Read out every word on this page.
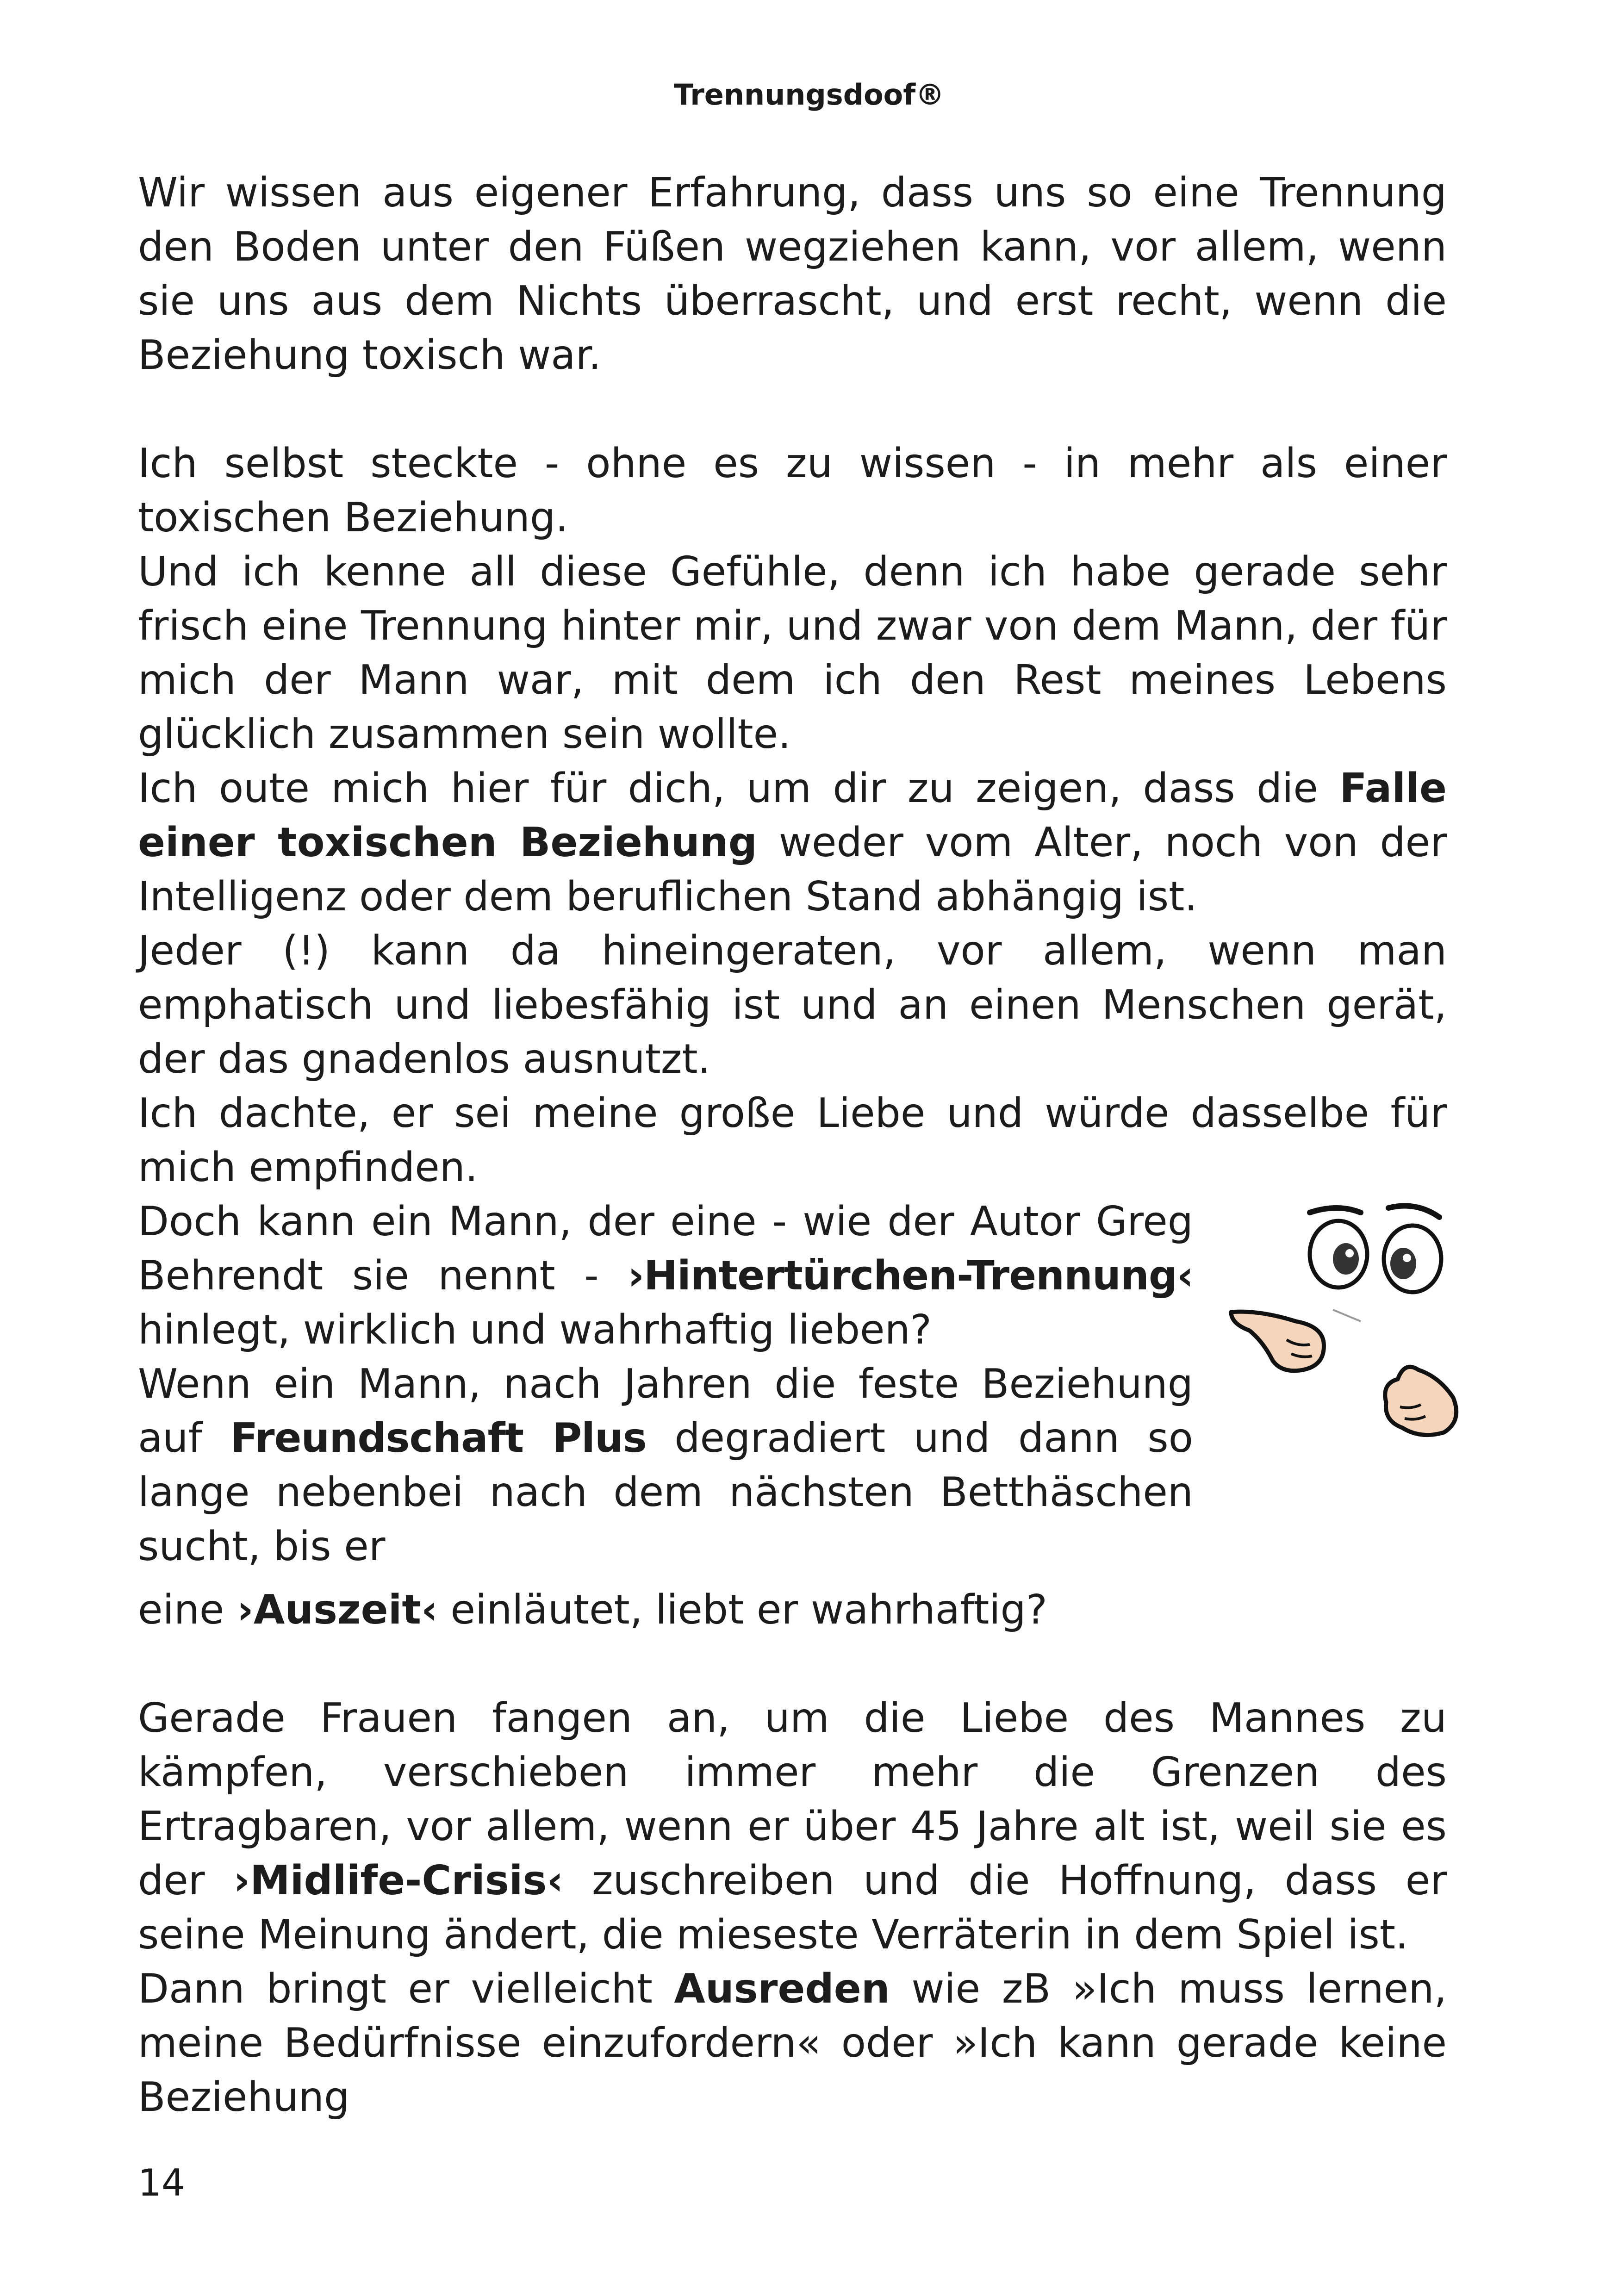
Trennungsdoof®

Wir wissen aus eigener Erfahrung, dass uns so eine Trennung den Boden unter den Füßen wegziehen kann, vor allem, wenn sie uns aus dem Nichts überrascht, und erst recht, wenn die Beziehung toxisch war.

Ich selbst steckte - ohne es zu wissen - in mehr als einer toxischen Beziehung.

Und ich kenne all diese Gefühle, denn ich habe gerade sehr frisch eine Trennung hinter mir, und zwar von dem Mann, der für mich der Mann war, mit dem ich den Rest meines Lebens glücklich zusammen sein wollte.

Ich oute mich hier für dich, um dir zu zeigen, dass die Falle einer toxischen Beziehung weder vom Alter, noch von der Intelligenz oder dem beruflichen Stand abhängig ist.

Jeder (!) kann da hineingeraten, vor allem, wenn man emphatisch und liebesfähig ist und an einen Menschen gerät, der das gnadenlos ausnutzt.

Ich dachte, er sei meine große Liebe und würde dasselbe für mich empfinden.

Doch kann ein Mann, der eine - wie der Autor Greg Behrendt sie nennt - ›Hintertürchen-Trennung‹ hinlegt, wirklich und wahrhaftig lieben?

Wenn ein Mann, nach Jahren die feste Beziehung auf Freundschaft Plus degradiert und dann so lange nebenbei nach dem nächsten Betthäschen sucht, bis er

eine ›Auszeit‹ einläutet, liebt er wahrhaftig?

Gerade Frauen fangen an, um die Liebe des Mannes zu kämpfen, verschieben immer mehr die Grenzen des Ertragbaren, vor allem, wenn er über 45 Jahre alt ist, weil sie es der ›Midlife-Crisis‹ zuschreiben und die Hoffnung, dass er seine Meinung ändert, die mieseste Verräterin in dem Spiel ist.

Dann bringt er vielleicht Ausreden wie zB »Ich muss lernen, meine Bedürfnisse einzufordern« oder »Ich kann gerade keine Beziehung

14
